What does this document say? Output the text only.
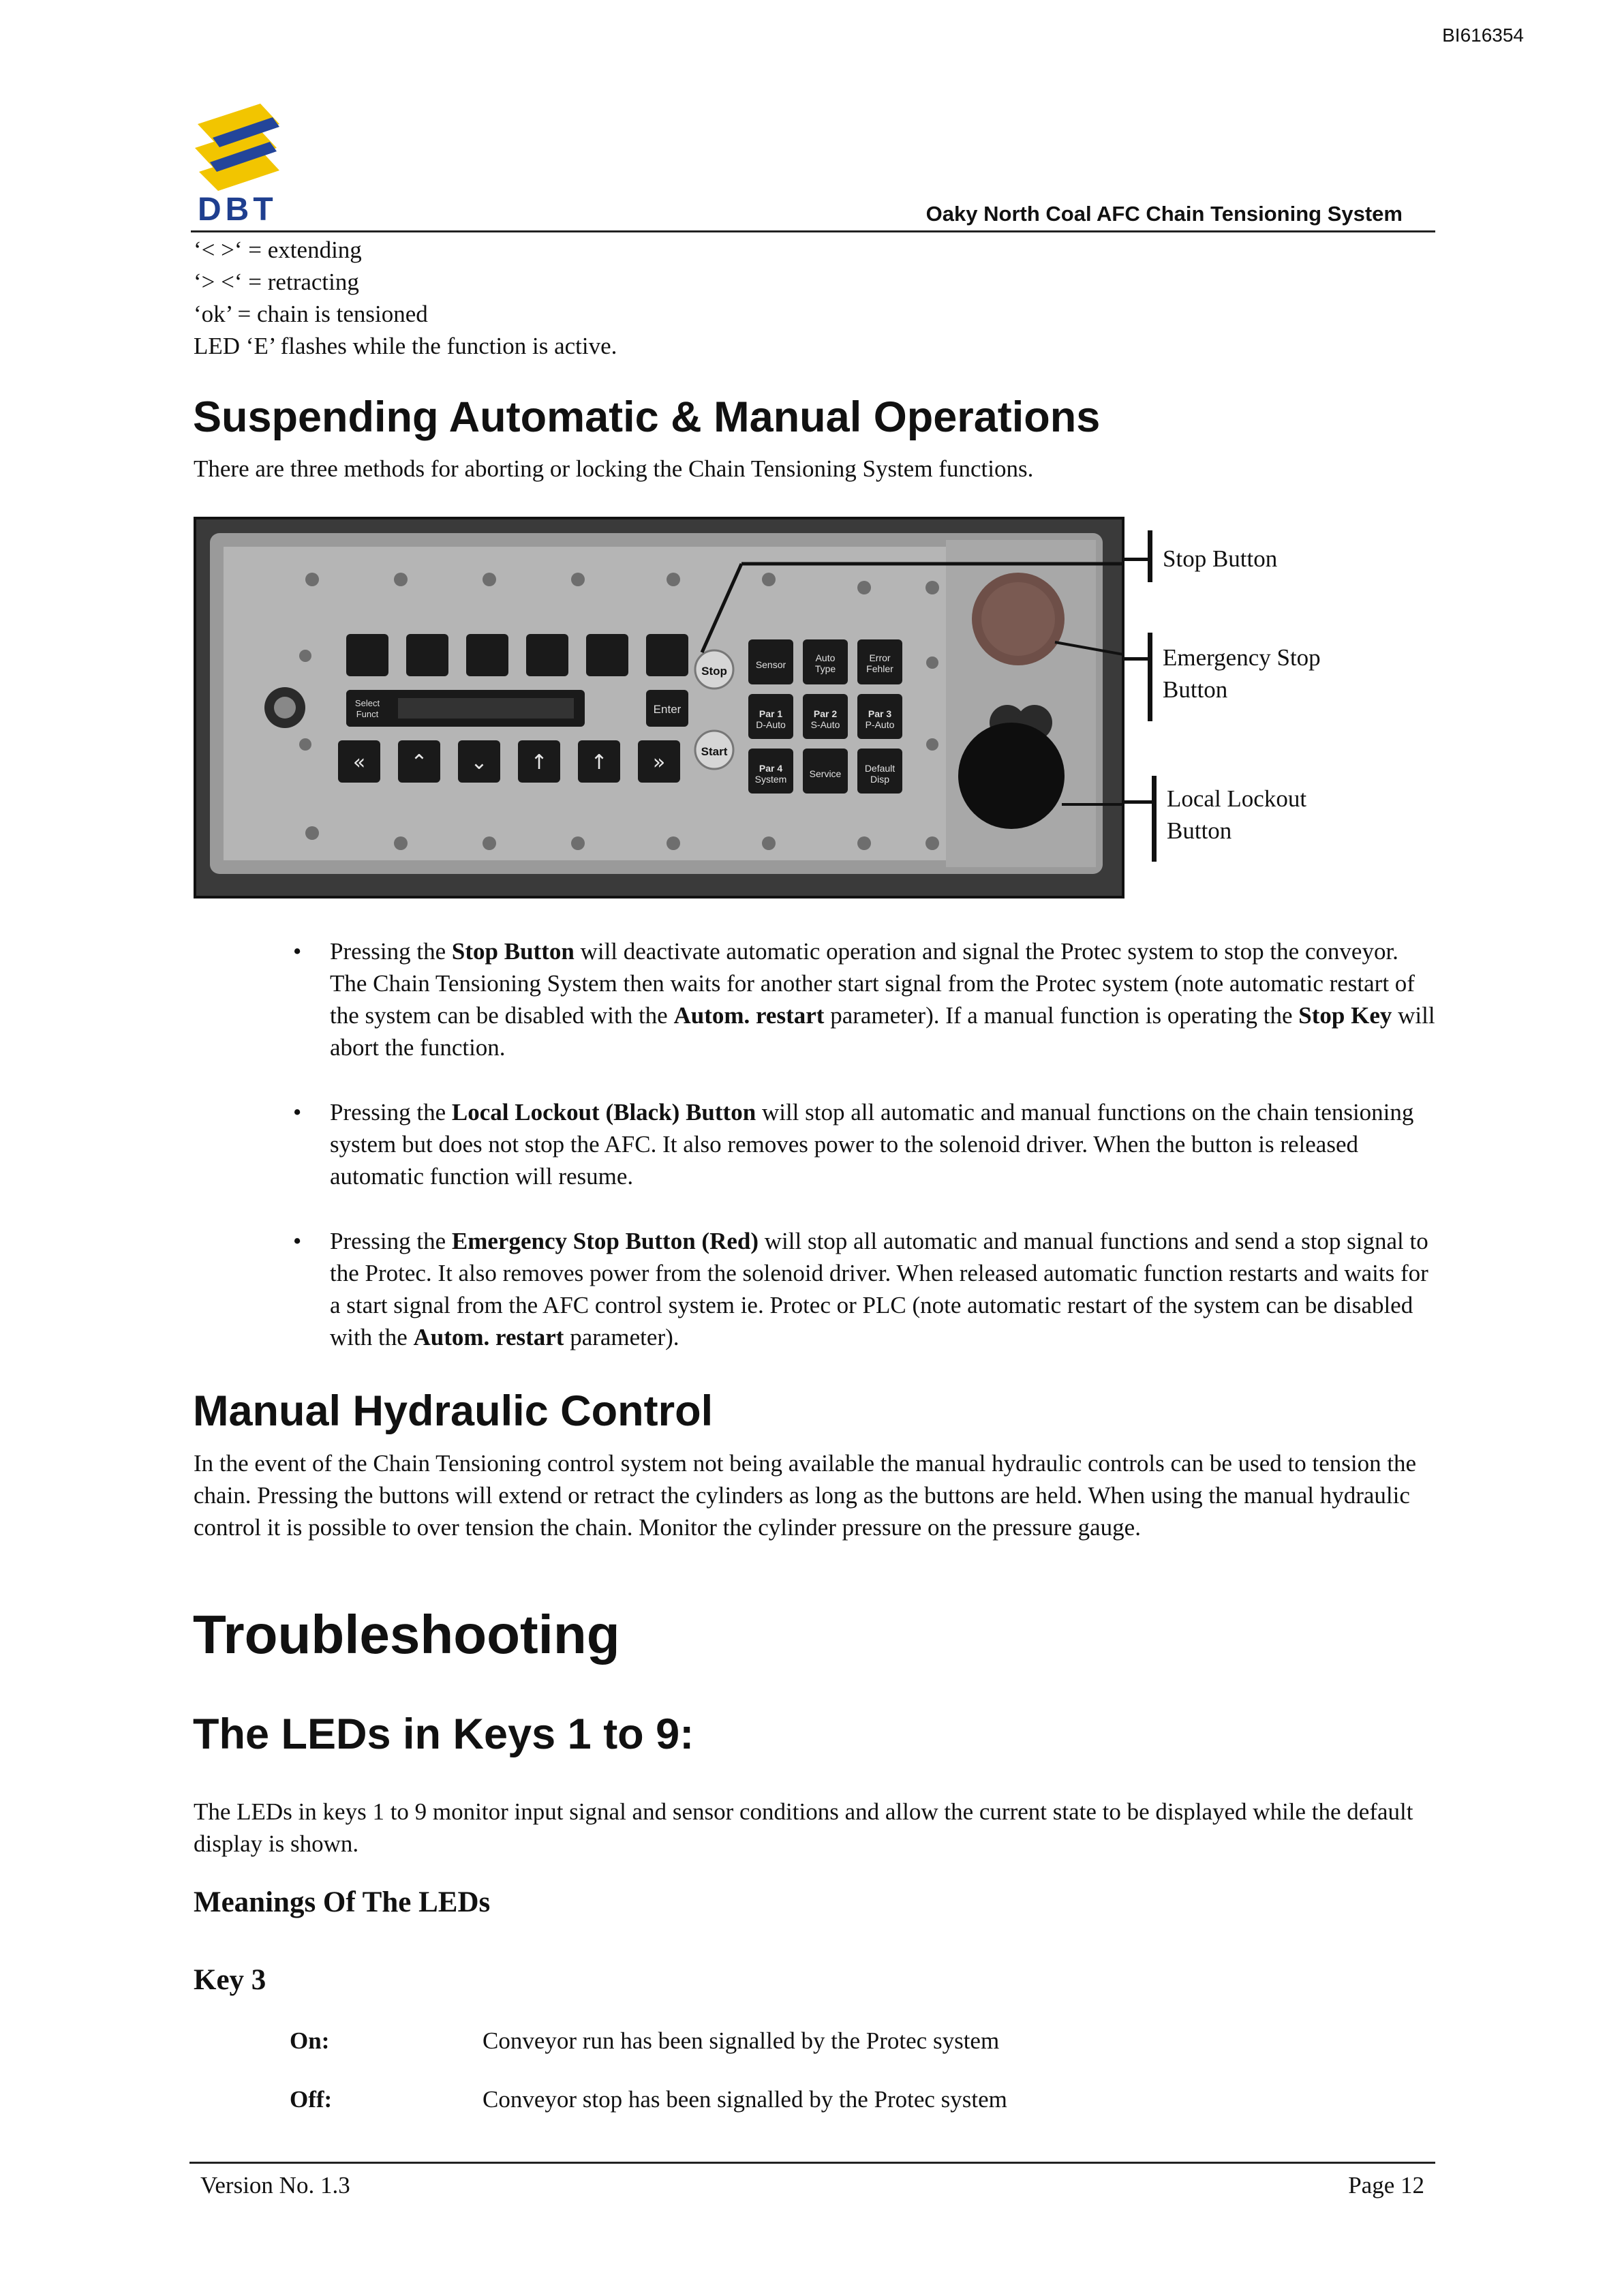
BI616354
DBT	Oaky North Coal AFC Chain Tensioning System
‘< >‘ = extending
‘> <‘ = retracting
‘ok’ = chain is tensioned
LED ‘E’ flashes while the function is active.
Suspending Automatic & Manual Operations

There are three methods for aborting or locking the Chain Tensioning System functions.

Select
Funct	Enter
« ⌃ ⌄ ↑ ↑ »
Stop
Start
Sensor
Auto
Type
Error
Fehler
Par 1
D-Auto
Par 2
S-Auto
Par 3
P-Auto
Par 4
System Service Default
Disp
Stop Button
Emergency Stop
Button
Local Lockout
Button
• Pressing the Stop Button will deactivate automatic operation and signal the Protec system to stop the conveyor. The Chain Tensioning System then waits for another start signal from the Protec system (note automatic restart of the system can be disabled with the Autom. restart parameter). If a manual function is operating the Stop Key will abort the function.
• Pressing the Local Lockout (Black) Button will stop all automatic and manual functions on the chain tensioning system but does not stop the AFC. It also removes power to the solenoid driver. When the button is released automatic function will resume.
• Pressing the Emergency Stop Button (Red) will stop all automatic and manual functions and send a stop signal to the Protec. It also removes power from the solenoid driver. When released automatic function restarts and waits for a start signal from the AFC control system ie. Protec or PLC (note automatic restart of the system can be disabled with the Autom. restart parameter).
Manual Hydraulic Control

In the event of the Chain Tensioning control system not being available the manual hydraulic controls can be used to tension the chain. Pressing the buttons will extend or retract the cylinders as long as the buttons are held. When using the manual hydraulic control it is possible to over tension the chain. Monitor the cylinder pressure on the pressure gauge.

Troubleshooting
The LEDs in Keys 1 to 9:

The LEDs in keys 1 to 9 monitor input signal and sensor conditions and allow the current state to be displayed while the default display is shown.

Meanings Of The LEDs
Key 3
On:	Conveyor run has been signalled by the Protec system
Off:	Conveyor stop has been signalled by the Protec system
Version No. 1.3	Page 12
